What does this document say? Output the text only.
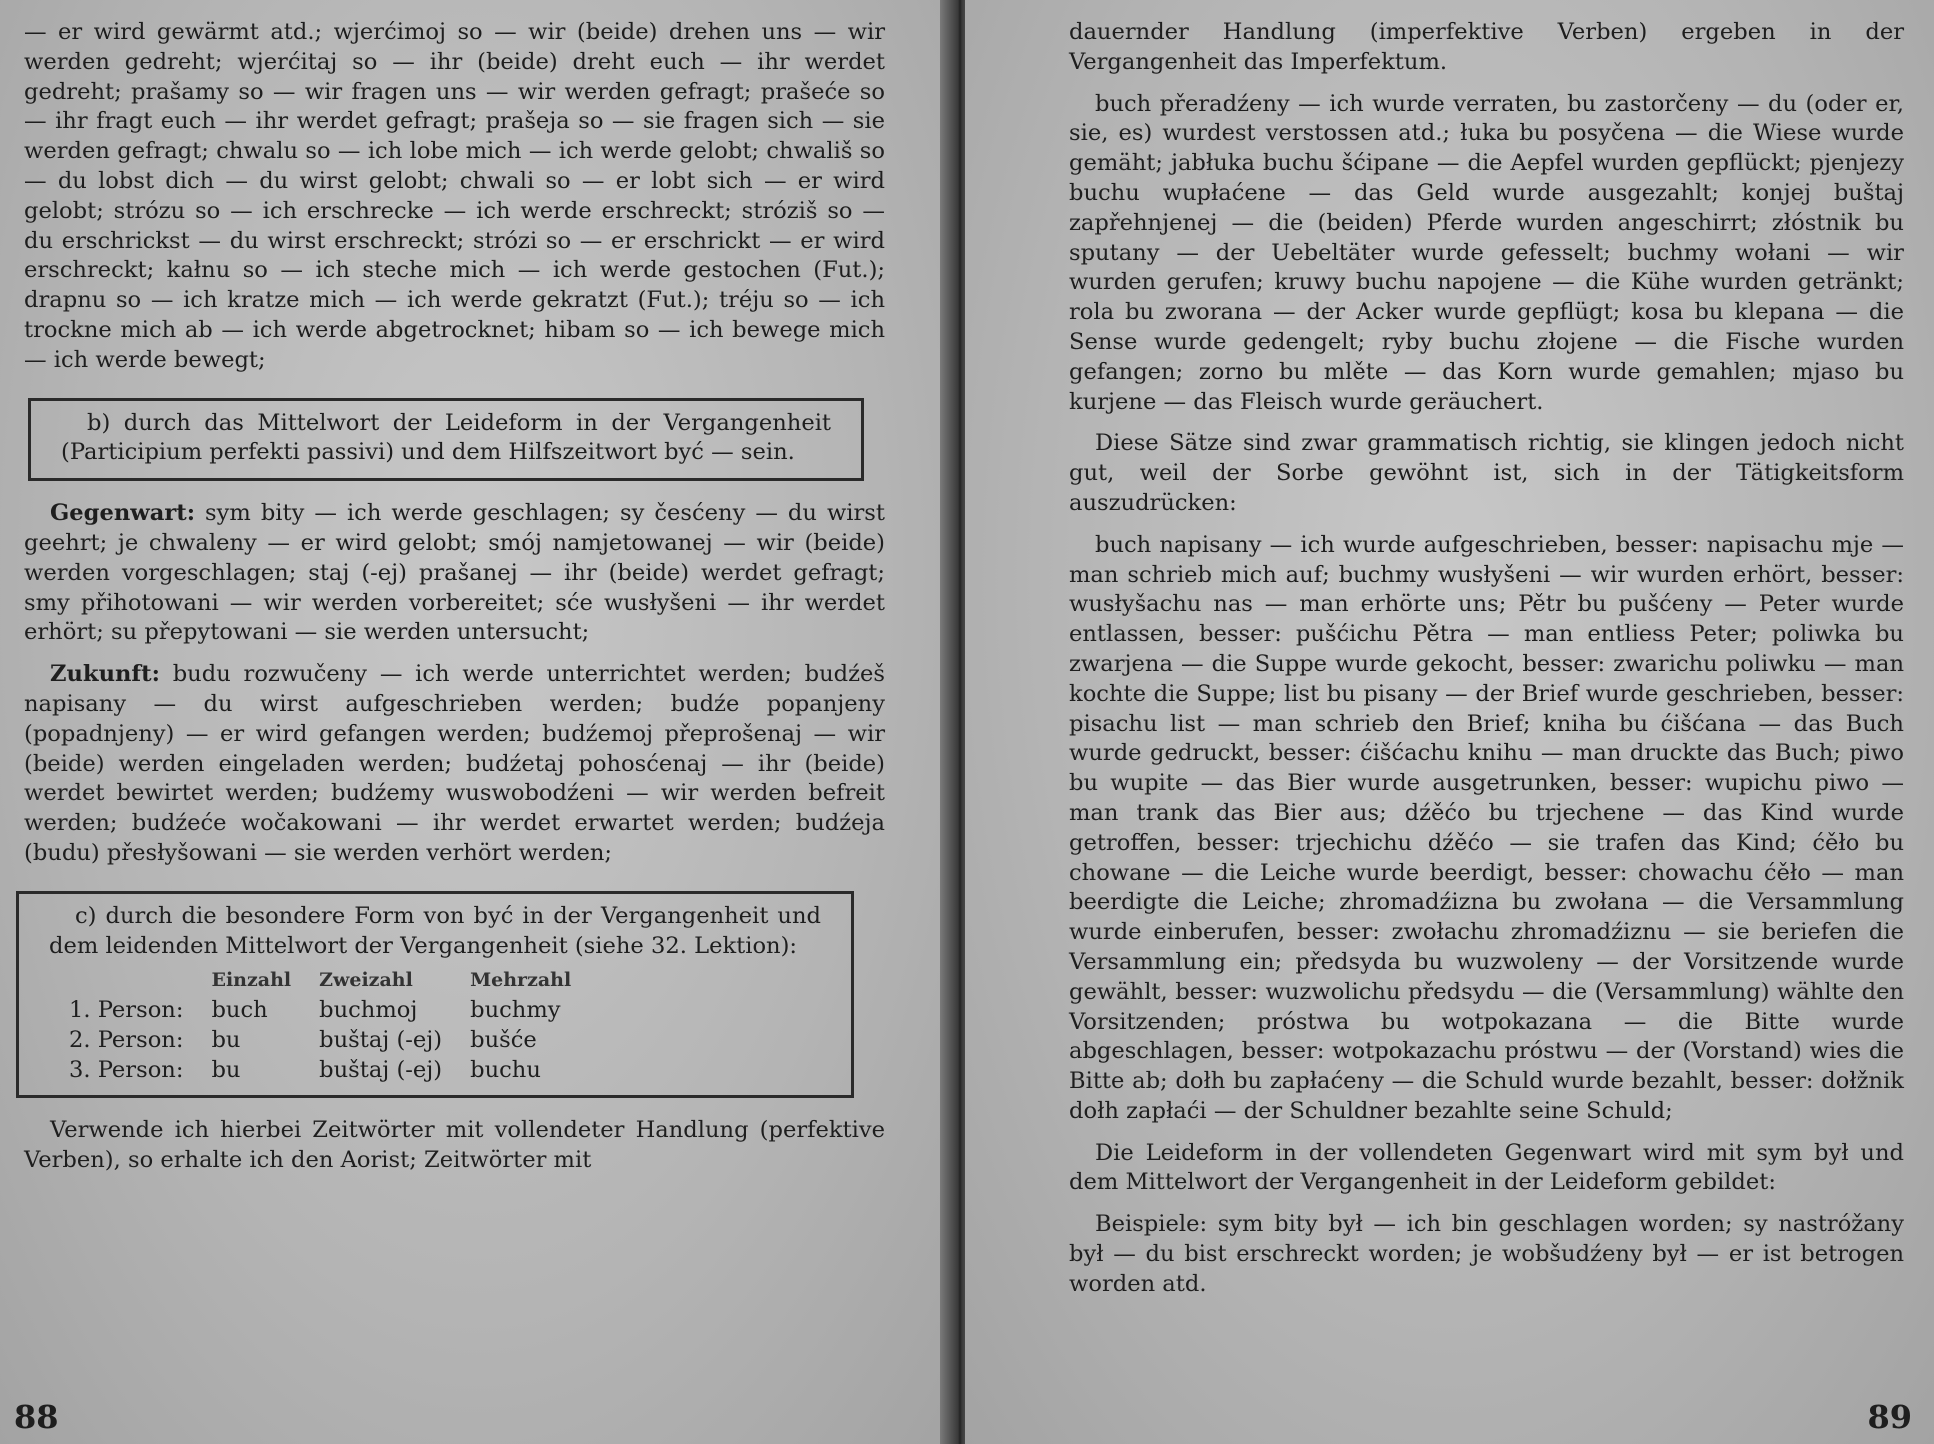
— er wird gewärmt atd.; wjerćimoj so — wir (beide) drehen uns — wir werden gedreht; wjerćitaj so — ihr (beide) dreht euch — ihr werdet gedreht; prašamy so — wir fragen uns — wir werden gefragt; prašeće so — ihr fragt euch — ihr werdet gefragt; prašeja so — sie fragen sich — sie werden gefragt; chwalu so — ich lobe mich — ich werde gelobt; chwališ so — du lobst dich — du wirst gelobt; chwali so — er lobt sich — er wird gelobt; strózu so — ich erschrecke — ich werde erschreckt; stróziš so — du erschrickst — du wirst erschreckt; strózi so — er erschrickt — er wird erschreckt; kałnu so — ich steche mich — ich werde gestochen (Fut.); drapnu so — ich kratze mich — ich werde gekratzt (Fut.); tréju so — ich trockne mich ab — ich werde abgetrocknet; hibam so — ich bewege mich — ich werde bewegt;

b) durch das Mittelwort der Leideform in der Vergangenheit (Participium perfekti passivi) und dem Hilfszeitwort być — sein.

Gegenwart: sym bity — ich werde geschlagen; sy česćeny — du wirst geehrt; je chwaleny — er wird gelobt; smój namjetowanej — wir (beide) werden vorgeschlagen; staj (-ej) prašanej — ihr (beide) werdet gefragt; smy přihotowani — wir werden vorbereitet; sće wusłyšeni — ihr werdet erhört; su přepytowani — sie werden untersucht;

Zukunft: budu rozwučeny — ich werde unterrichtet werden; budźeš napisany — du wirst aufgeschrieben werden; budźe popanjeny (popadnjeny) — er wird gefangen werden; budźemoj přeprošenaj — wir (beide) werden eingeladen werden; budźetaj pohosćenaj — ihr (beide) werdet bewirtet werden; budźemy wuswobodźeni — wir werden befreit werden; budźeće wočakowani — ihr werdet erwartet werden; budźeja (budu) přesłyšowani — sie werden verhört werden;

c) durch die besondere Form von być in der Vergangenheit und dem leidenden Mittelwort der Vergangenheit (siehe 32. Lektion):

	Einzahl	Zweizahl	Mehrzahl
1. Person:	buch	buchmoj	buchmy
2. Person:	bu	buštaj (-ej)	bušće
3. Person:	bu	buštaj (-ej)	buchu

Verwende ich hierbei Zeitwörter mit vollendeter Handlung (perfektive Verben), so erhalte ich den Aorist; Zeitwörter mit

88

dauernder Handlung (imperfektive Verben) ergeben in der Vergangenheit das Imperfektum.

buch přeradźeny — ich wurde verraten, bu zastorčeny — du (oder er, sie, es) wurdest verstossen atd.; łuka bu posyčena — die Wiese wurde gemäht; jabłuka buchu šćipane — die Aepfel wurden gepflückt; pjenjezy buchu wupłaćene — das Geld wurde ausgezahlt; konjej buštaj zapřehnjenej — die (beiden) Pferde wurden angeschirrt; złóstnik bu sputany — der Uebeltäter wurde gefesselt; buchmy wołani — wir wurden gerufen; kruwy buchu napojene — die Kühe wurden getränkt; rola bu zworana — der Acker wurde gepflügt; kosa bu klepana — die Sense wurde gedengelt; ryby buchu złojene — die Fische wurden gefangen; zorno bu mlěte — das Korn wurde gemahlen; mjaso bu kurjene — das Fleisch wurde geräuchert.

Diese Sätze sind zwar grammatisch richtig, sie klingen jedoch nicht gut, weil der Sorbe gewöhnt ist, sich in der Tätigkeitsform auszudrücken:

buch napisany — ich wurde aufgeschrieben, besser: napisachu mje — man schrieb mich auf; buchmy wusłyšeni — wir wurden erhört, besser: wusłyšachu nas — man erhörte uns; Pětr bu pušćeny — Peter wurde entlassen, besser: pušćichu Pětra — man entliess Peter; poliwka bu zwarjena — die Suppe wurde gekocht, besser: zwarichu poliwku — man kochte die Suppe; list bu pisany — der Brief wurde geschrieben, besser: pisachu list — man schrieb den Brief; kniha bu ćišćana — das Buch wurde gedruckt, besser: ćišćachu knihu — man druckte das Buch; piwo bu wupite — das Bier wurde ausgetrunken, besser: wupichu piwo — man trank das Bier aus; dźěćo bu trjechene — das Kind wurde getroffen, besser: trjechichu dźěćo — sie trafen das Kind; ćěło bu chowane — die Leiche wurde beerdigt, besser: chowachu ćěło — man beerdigte die Leiche; zhromadźizna bu zwołana — die Versammlung wurde einberufen, besser: zwołachu zhromadźiznu — sie beriefen die Versammlung ein; předsyda bu wuzwoleny — der Vorsitzende wurde gewählt, besser: wuzwolichu předsydu — die (Versammlung) wählte den Vorsitzenden; próstwa bu wotpokazana — die Bitte wurde abgeschlagen, besser: wotpokazachu próstwu — der (Vorstand) wies die Bitte ab; dołh bu zapłaćeny — die Schuld wurde bezahlt, besser: dołžnik dołh zapłaći — der Schuldner bezahlte seine Schuld;

Die Leideform in der vollendeten Gegenwart wird mit sym był und dem Mittelwort der Vergangenheit in der Leideform gebildet:

Beispiele: sym bity był — ich bin geschlagen worden; sy nastróžany był — du bist erschreckt worden; je wobšudźeny był — er ist betrogen worden atd.

89
